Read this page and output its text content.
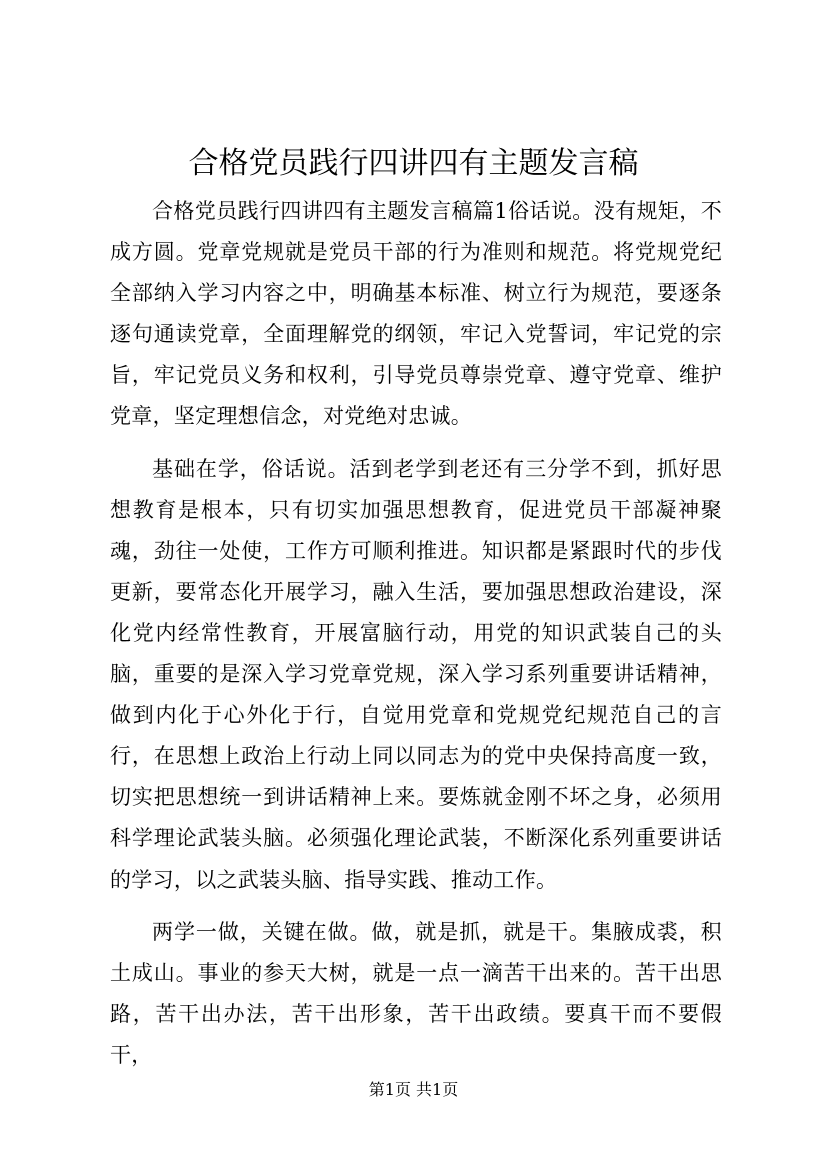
合格党员践行四讲四有主题发言稿

合格党员践行四讲四有主题发言稿篇1俗话说。没有规矩，不成方圆。党章党规就是党员干部的行为准则和规范。将党规党纪全部纳入学习内容之中，明确基本标准、树立行为规范，要逐条逐句通读党章，全面理解党的纲领，牢记入党誓词，牢记党的宗旨，牢记党员义务和权利，引导党员尊崇党章、遵守党章、维护党章，坚定理想信念，对党绝对忠诚。

基础在学，俗话说。活到老学到老还有三分学不到，抓好思想教育是根本，只有切实加强思想教育，促进党员干部凝神聚魂，劲往一处使，工作方可顺利推进。知识都是紧跟时代的步伐更新，要常态化开展学习，融入生活，要加强思想政治建设，深化党内经常性教育，开展富脑行动，用党的知识武装自己的头脑，重要的是深入学习党章党规，深入学习系列重要讲话精神，做到内化于心外化于行，自觉用党章和党规党纪规范自己的言行，在思想上政治上行动上同以同志为的党中央保持高度一致，切实把思想统一到讲话精神上来。要炼就金刚不坏之身，必须用科学理论武装头脑。必须强化理论武装，不断深化系列重要讲话的学习，以之武装头脑、指导实践、推动工作。

两学一做，关键在做。做，就是抓，就是干。集腋成裘，积土成山。事业的参天大树，就是一点一滴苦干出来的。苦干出思路，苦干出办法，苦干出形象，苦干出政绩。要真干而不要假干，

第1页 共1页
